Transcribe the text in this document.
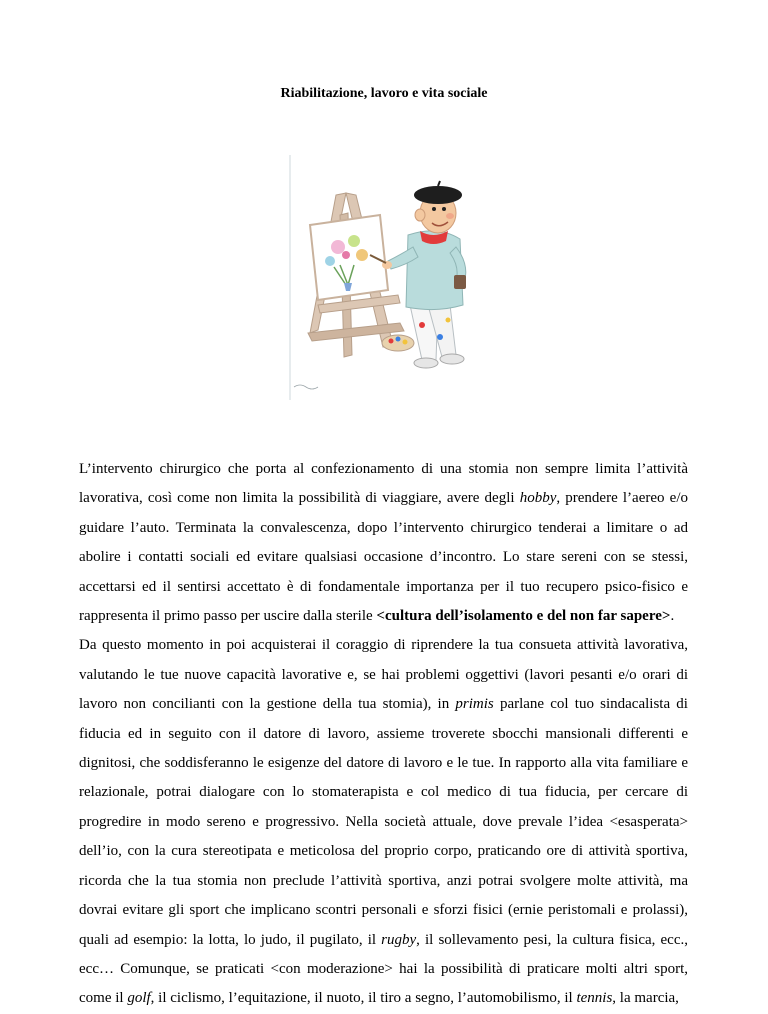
Riabilitazione, lavoro e vita sociale

L’intervento chirurgico che porta al confezionamento di una stomia non sempre limita l’attività lavorativa, così come non limita la possibilità di viaggiare, avere degli hobby, prendere l’aereo e/o guidare l’auto. Terminata la convalescenza, dopo l’intervento chirurgico tenderai a limitare o ad abolire i contatti sociali ed evitare qualsiasi occasione d’incontro. Lo stare sereni con se stessi, accettarsi ed il sentirsi accettato è di fondamentale importanza per il tuo recupero psico-fisico e rappresenta il primo passo per uscire dalla sterile <cultura dell’isolamento e del non far sapere>.

Da questo momento in poi acquisterai il coraggio di riprendere la tua consueta attività lavorativa, valutando le tue nuove capacità lavorative e, se hai problemi oggettivi (lavori pesanti e/o orari di lavoro non concilianti con la gestione della tua stomia), in primis parlane col tuo sindacalista di fiducia ed in seguito con il datore di lavoro, assieme troverete sbocchi mansionali differenti e dignitosi, che soddisferanno le esigenze del datore di lavoro e le tue. In rapporto alla vita familiare e relazionale, potrai dialogare con lo stomaterapista e col medico di tua fiducia, per cercare di progredire in modo sereno e progressivo. Nella società attuale, dove prevale l’idea <esasperata> dell’io, con la cura stereotipata e meticolosa del proprio corpo, praticando ore di attività sportiva, ricorda che la tua stomia non preclude l’attività sportiva, anzi potrai svolgere molte attività, ma dovrai evitare gli sport che implicano scontri personali e sforzi fisici (ernie peristomali e prolassi), quali ad esempio: la lotta, lo judo, il pugilato, il rugby, il sollevamento pesi, la cultura fisica, ecc., ecc… Comunque, se praticati <con moderazione> hai la possibilità di praticare molti altri sport, come il golf, il ciclismo, l’equitazione, il nuoto, il tiro a segno, l’automobilismo, il tennis, la marcia,
